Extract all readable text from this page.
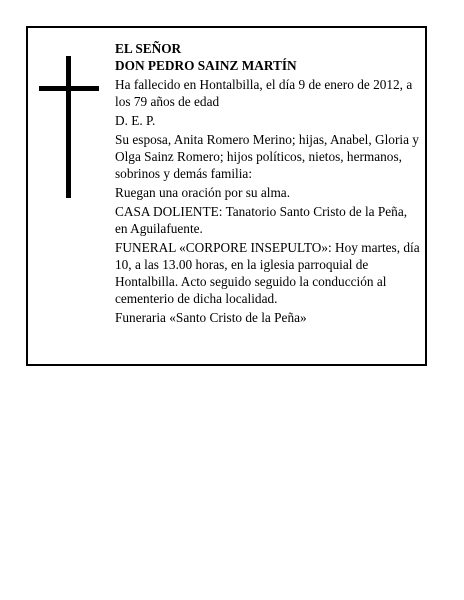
EL SEÑOR

DON PEDRO SAINZ MARTÍN

Ha fallecido en Hontalbilla, el día 9 de enero de 2012, a los 79 años de edad

D. E. P.

Su esposa, Anita Romero Merino; hijas, Anabel, Gloria y Olga Sainz Romero; hijos políticos, nietos, hermanos, sobrinos y demás familia:

Ruegan una oración por su alma.

CASA DOLIENTE: Tanatorio Santo Cristo de la Peña, en Aguilafuente.

FUNERAL «CORPORE INSEPULTO»: Hoy martes, día 10, a las 13.00 horas, en la iglesia parroquial de Hontalbilla. Acto seguido seguido la conducción al cementerio de dicha localidad.

Funeraria «Santo Cristo de la Peña»
